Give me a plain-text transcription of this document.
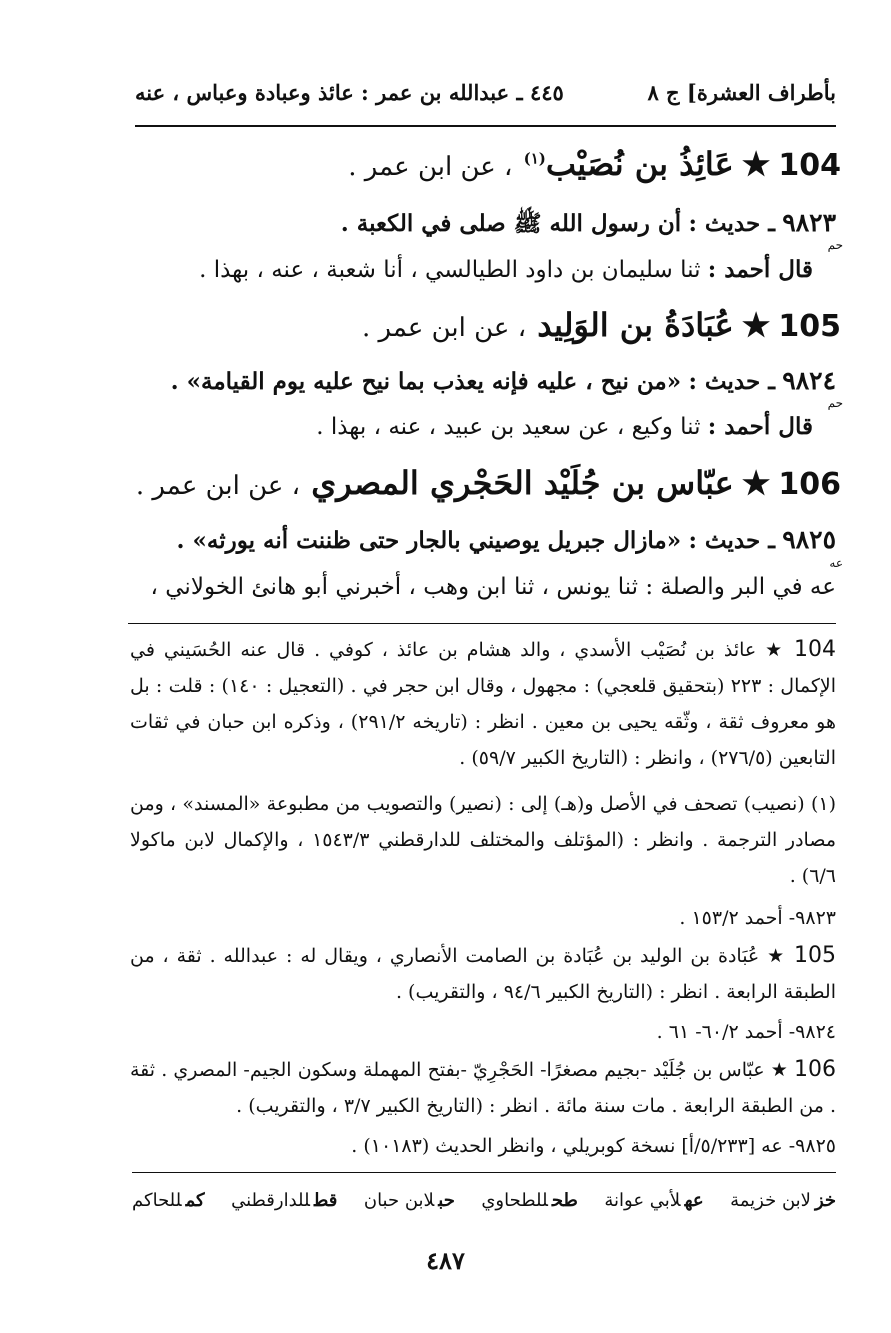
بأطراف العشرة] ج ٨
٤٤٥ ـ عبدالله بن عمر : عائذ وعبادة وعباس ، عنه
104★عَائِذُ بن نُصَيْب$^{(١)}$ ، عن ابن عمر .
٩٨٢٣ ـ حديث : أن رسول الله ﷺ صلى في الكعبة .
حم
قال أحمد : ثنا سليمان بن داود الطيالسي ، أنا شعبة ، عنه ، بهذا .
105★عُبَادَةُ بن الوَلِيد ، عن ابن عمر .
٩٨٢٤ ـ حديث : «من نيح ، عليه فإنه يعذب بما نيح عليه يوم القيامة» .
حم
قال أحمد : ثنا وكيع ، عن سعيد بن عبيد ، عنه ، بهذا .
106★عبّاس بن جُلَيْد الحَجْري المصري ، عن ابن عمر .
٩٨٢٥ ـ حديث : «مازال جبريل يوصيني بالجار حتى ظننت أنه يورثه» .
عه
عه في البر والصلة : ثنا يونس ، ثنا ابن وهب ، أخبرني أبو هانئ الخولاني ،
104 ★ عائذ بن نُصَيْب الأسدي ، والد هشام بن عائذ ، كوفي . قال عنه الحُسَيني في الإكمال : ٢٢٣ (بتحقيق قلعجي) : مجهول ، وقال ابن حجر في . (التعجيل : ١٤٠) : قلت : بل هو معروف ثقة ، وثّقه يحيى بن معين . انظر : (تاريخه ٢٩١/٢) ، وذكره ابن حبان في ثقات التابعين (٢٧٦/٥) ، وانظر : (التاريخ الكبير ٥٩/٧) .
(١) (نصيب) تصحف في الأصل و(هـ) إلى : (نصير) والتصويب من مطبوعة «المسند» ، ومن مصادر الترجمة . وانظر : (المؤتلف والمختلف للدارقطني ١٥٤٣/٣ ، والإكمال لابن ماكولا ٦/٦) .
٩٨٢٣- أحمد ١٥٣/٢ .
105 ★ عُبَادة بن الوليد بن عُبَادة بن الصامت الأنصاري ، ويقال له : عبدالله . ثقة ، من الطبقة الرابعة . انظر : (التاريخ الكبير ٩٤/٦ ، والتقريب) .
٩٨٢٤- أحمد ٦٠/٢- ٦١ .
106 ★ عبّاس بن جُلَيْد -بجيم مصغرًا- الحَجْرِيّ -بفتح المهملة وسكون الجيم- المصري . ثقة . من الطبقة الرابعة . مات سنة مائة . انظر : (التاريخ الكبير ٣/٧ ، والتقريب) .
٩٨٢٥- عه [٥/٢٣٣/أ] نسخة كوبريلي ، وانظر الحديث (١٠١٨٣) .
خزلابن خزيمة
عهلأبي عوانة
طحللطحاوي
حبلابن حبان
قطللدارقطني
كمللحاكم
٤٨٧
